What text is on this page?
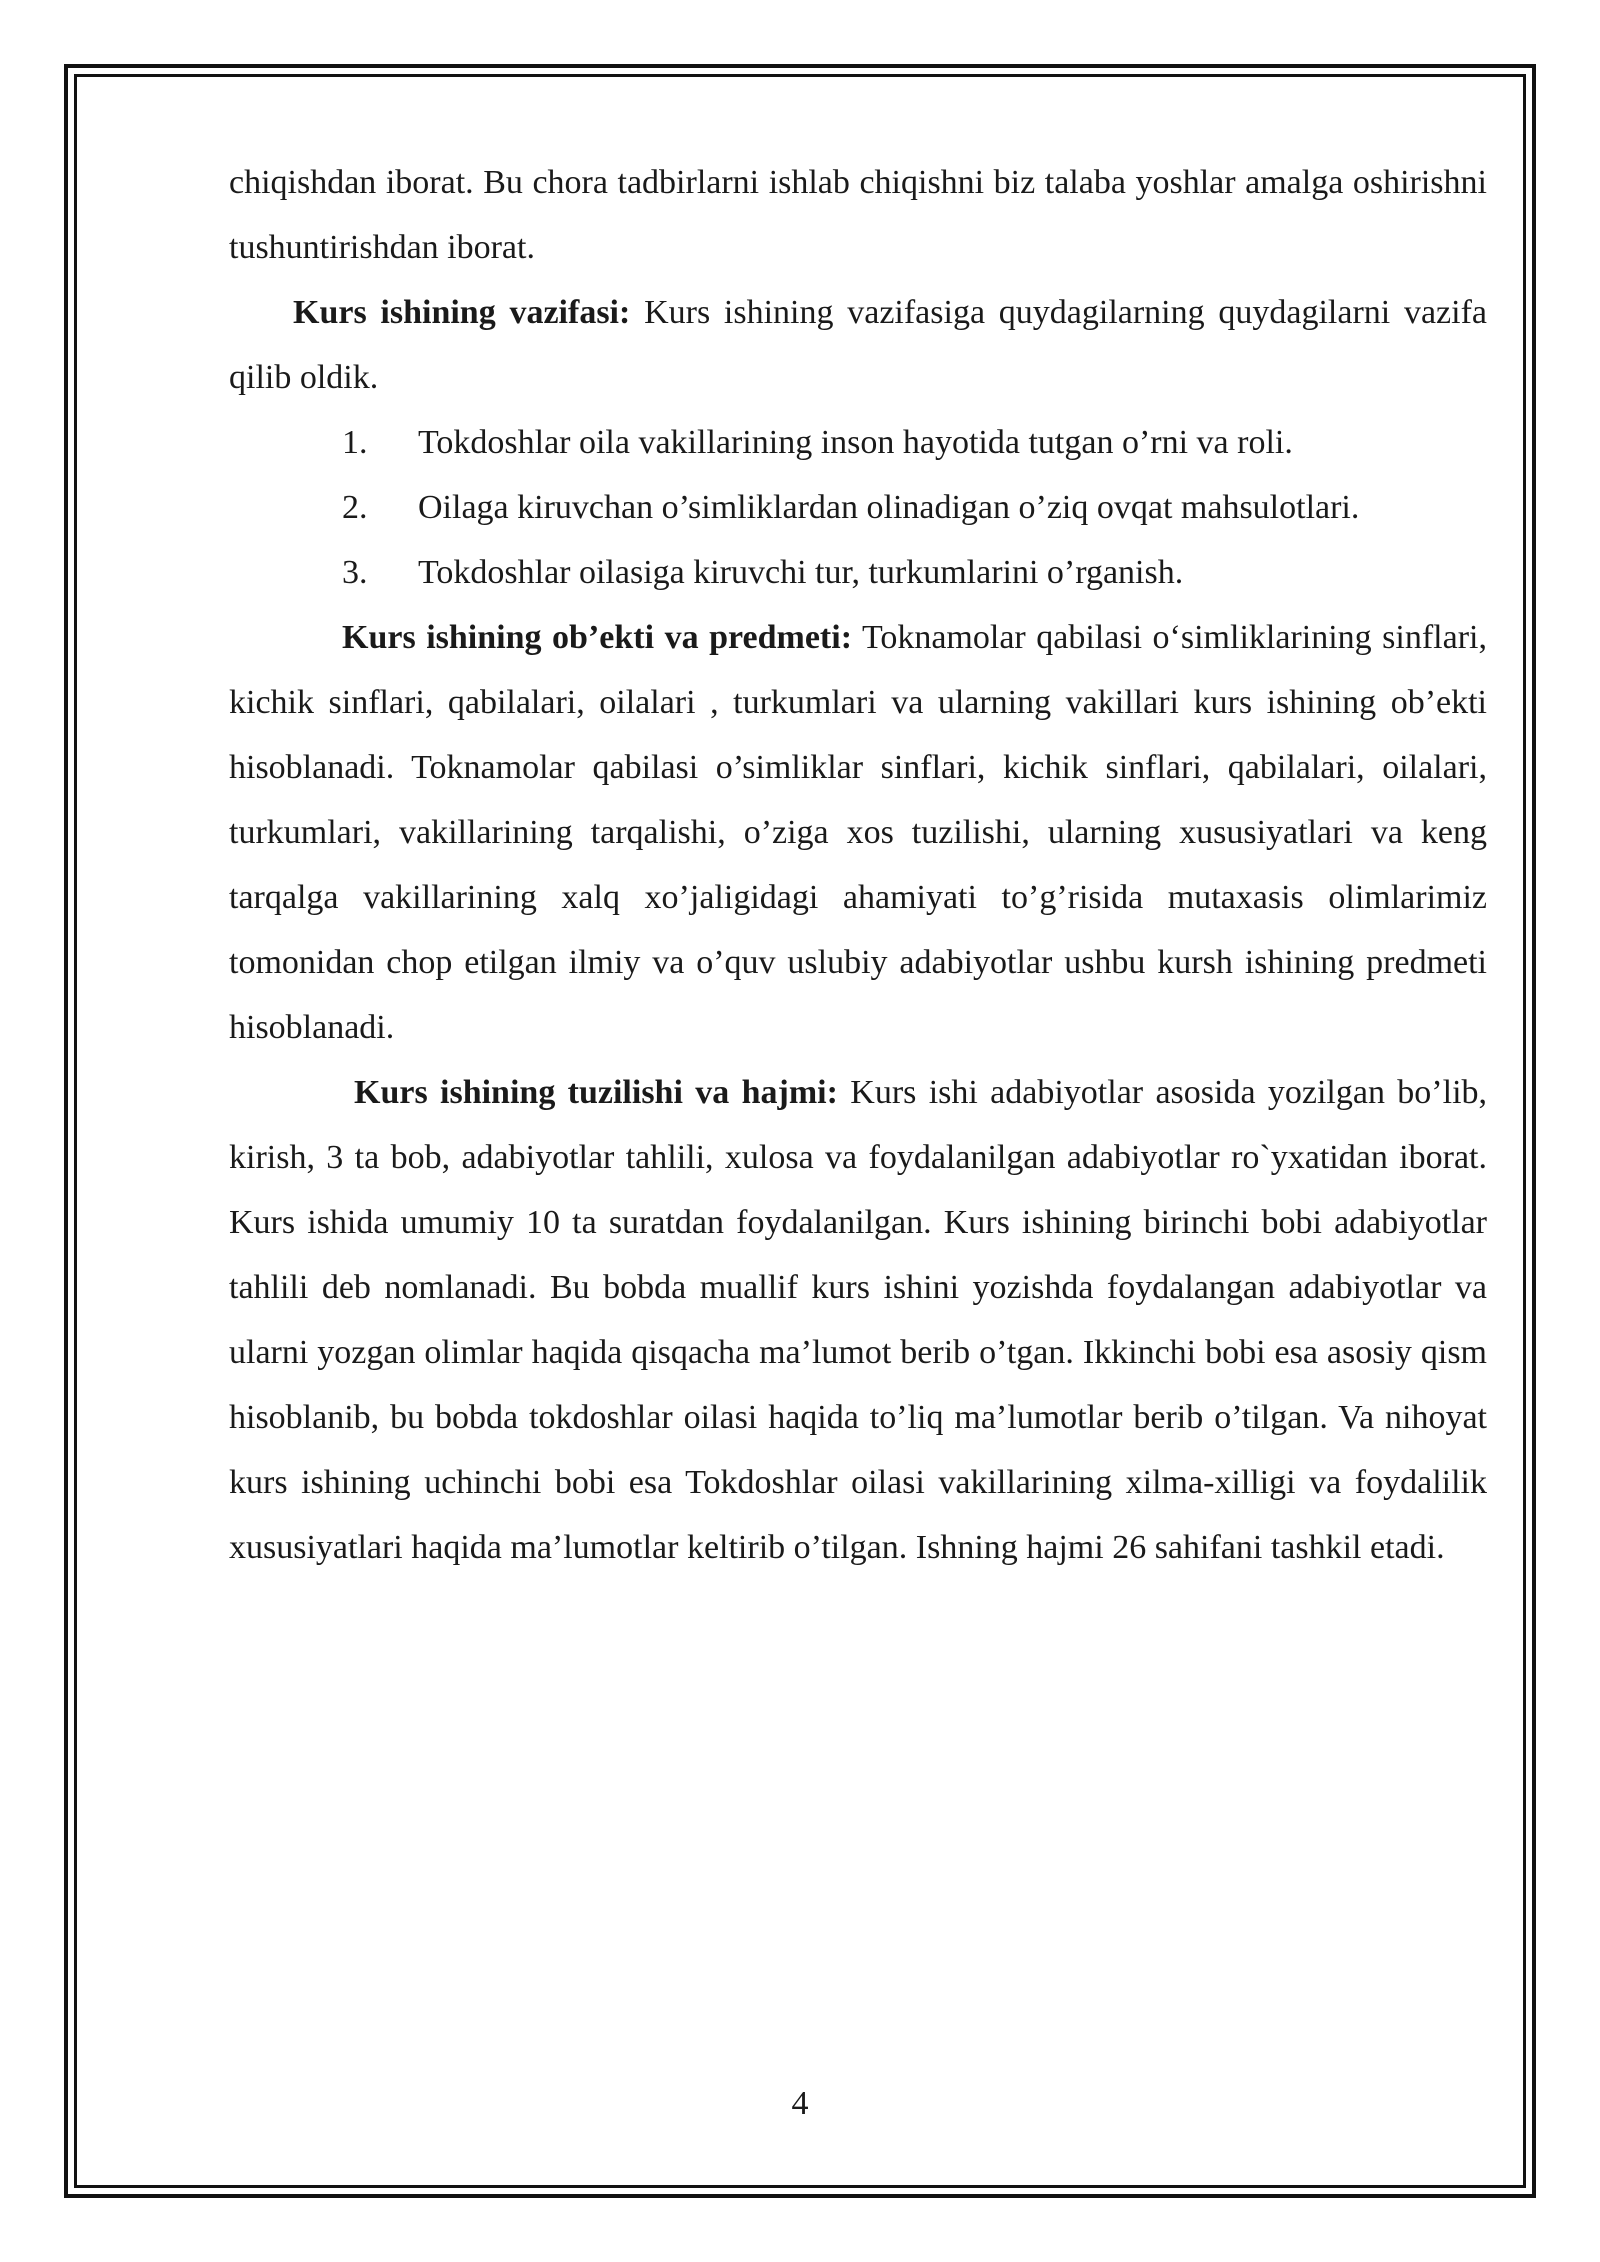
chiqishdan iborat. Bu chora tadbirlarni ishlab chiqishni biz talaba yoshlar amalga oshirishni tushuntirishdan iborat.

Kurs ishining vazifasi: Kurs ishining vazifasiga quydagilarning quydagilarni vazifa qilib oldik.

1.	Tokdoshlar oila vakillarining inson hayotida tutgan o’rni va roli.
2.	Oilaga kiruvchan o’simliklardan olinadigan o’ziq ovqat mahsulotlari.
3.	Tokdoshlar oilasiga kiruvchi tur, turkumlarini o’rganish.

Kurs ishining ob’ekti va predmeti: Toknamolar qabilasi o‘simliklarining sinflari, kichik sinflari, qabilalari, oilalari , turkumlari va ularning vakillari kurs ishining ob’ekti hisoblanadi. Toknamolar qabilasi o’simliklar sinflari, kichik sinflari, qabilalari, oilalari, turkumlari, vakillarining tarqalishi, o’ziga xos tuzilishi, ularning xususiyatlari va keng tarqalga vakillarining xalq xo’jaligidagi ahamiyati to’g’risida mutaxasis olimlarimiz tomonidan chop etilgan ilmiy va o’quv uslubiy adabiyotlar ushbu kursh ishining predmeti hisoblanadi.

Kurs ishining tuzilishi va hajmi: Kurs ishi adabiyotlar asosida yozilgan bo’lib, kirish, 3 ta bob, adabiyotlar tahlili, xulosa va foydalanilgan adabiyotlar ro`yxatidan iborat. Kurs ishida umumiy 10 ta suratdan foydalanilgan. Kurs ishining birinchi bobi adabiyotlar tahlili deb nomlanadi. Bu bobda muallif kurs ishini yozishda foydalangan adabiyotlar va ularni yozgan olimlar haqida qisqacha ma’lumot berib o’tgan. Ikkinchi bobi esa asosiy qism hisoblanib, bu bobda tokdoshlar oilasi haqida to’liq ma’lumotlar berib o’tilgan. Va nihoyat kurs ishining uchinchi bobi esa Tokdoshlar oilasi vakillarining xilma-xilligi va foydalilik xususiyatlari haqida ma’lumotlar keltirib o’tilgan. Ishning hajmi 26 sahifani tashkil etadi.

4
